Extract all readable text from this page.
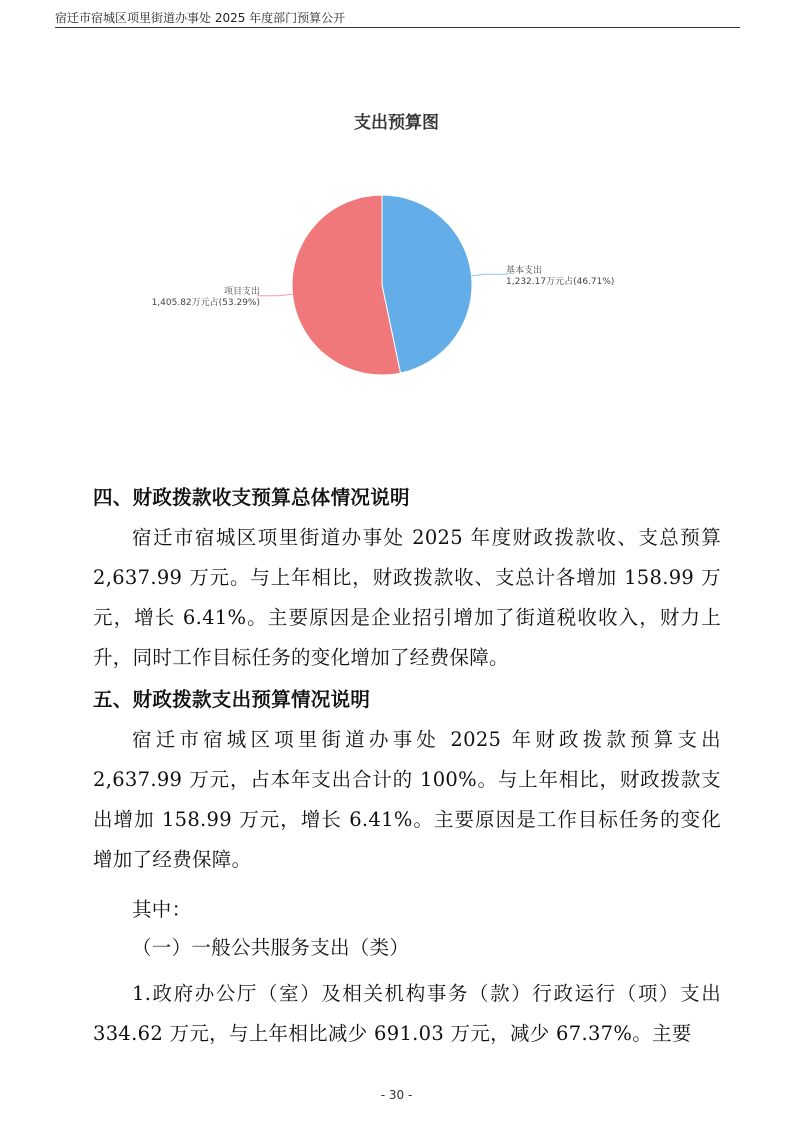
宿迁市宿城区项里街道办事处 2025 年度部门预算公开
支出预算图
基本支出
1,232.17万元占(46.71%)
项目支出
1,405.82万元占(53.29%)

四、财政拨款收支预算总体情况说明

宿迁市宿城区项里街道办事处 2025 年度财政拨款收、支总预算 2,637.99 万元。与上年相比，财政拨款收、支总计各增加 158.99 万元，增长 6.41%。主要原因是企业招引增加了街道税收收入，财力上升，同时工作目标任务的变化增加了经费保障。

五、财政拨款支出预算情况说明

宿迁市宿城区项里街道办事处 2025 年财政拨款预算支出 2,637.99 万元，占本年支出合计的 100%。与上年相比，财政拨款支出增加 158.99 万元，增长 6.41%。主要原因是工作目标任务的变化增加了经费保障。

其中：

（一）一般公共服务支出（类）

1.政府办公厅（室）及相关机构事务（款）行政运行（项）支出 334.62 万元，与上年相比减少 691.03 万元，减少 67.37%。主要

- 30 -
